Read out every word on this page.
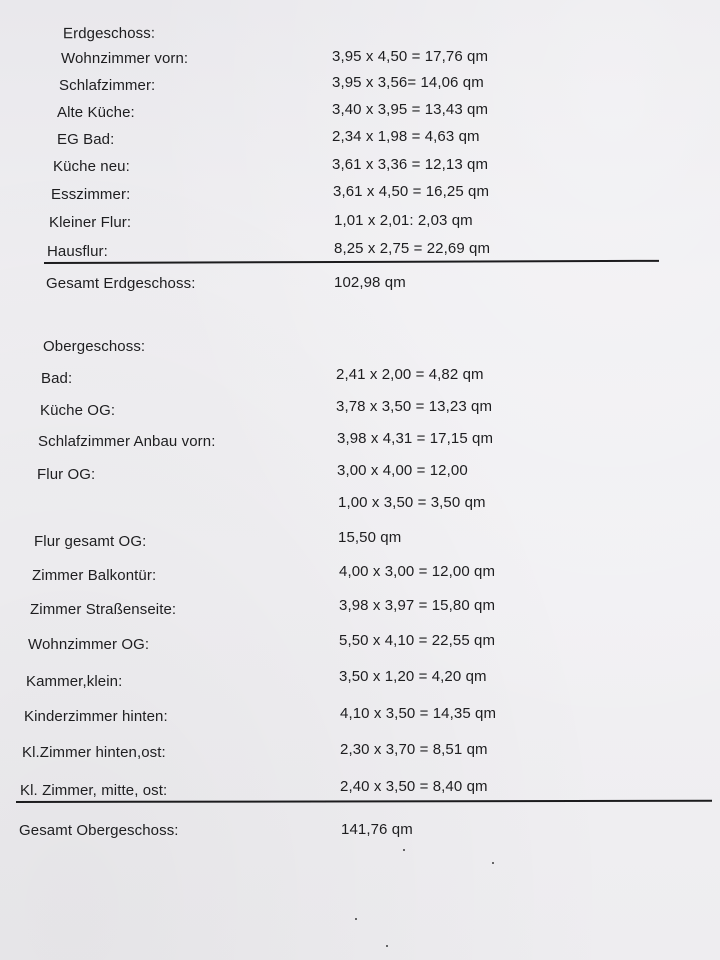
Erdgeschoss:
Wohnzimmer vorn:	3,95 x 4,50 = 17,76 qm
Schlafzimmer:	3,95 x 3,56= 14,06 qm
Alte Küche:	3,40 x 3,95 = 13,43 qm
EG Bad:	2,34 x 1,98 = 4,63 qm
Küche neu:	3,61 x 3,36 = 12,13 qm
Esszimmer:	3,61 x 4,50 = 16,25 qm
Kleiner Flur:	1,01 x 2,01: 2,03 qm
Hausflur:	8,25 x 2,75 = 22,69 qm
Gesamt Erdgeschoss:	102,98 qm
Obergeschoss:
Bad:	2,41 x 2,00 = 4,82 qm
Küche OG:	3,78 x 3,50 = 13,23 qm
Schlafzimmer Anbau vorn:	3,98 x 4,31 = 17,15 qm
Flur OG:	3,00 x 4,00 = 12,00
1,00 x 3,50 = 3,50 qm
Flur gesamt OG:	15,50 qm
Zimmer Balkontür:	4,00 x 3,00 = 12,00 qm
Zimmer Straßenseite:	3,98 x 3,97 = 15,80 qm
Wohnzimmer OG:	5,50 x 4,10 = 22,55 qm
Kammer,klein:	3,50 x 1,20 = 4,20 qm
Kinderzimmer hinten:	4,10 x 3,50 = 14,35 qm
Kl.Zimmer hinten,ost:	2,30 x 3,70 = 8,51 qm
Kl. Zimmer, mitte, ost:	2,40 x 3,50 = 8,40 qm
Gesamt Obergeschoss:	141,76 qm
